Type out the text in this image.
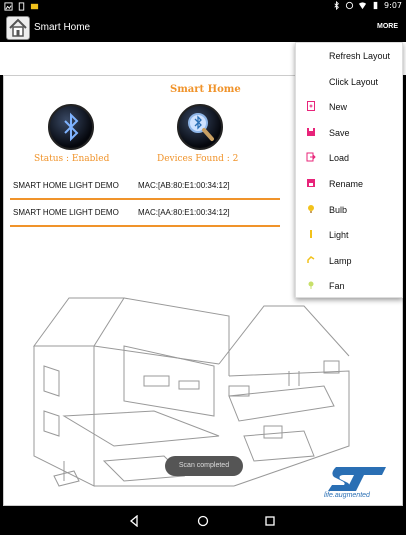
9:07
Smart Home	MORE
Smart Home
Status : Enabled	Devices Found : 2
SMART HOME LIGHT DEMO MAC:[AB:80:E1:00:34:12]
SMART HOME LIGHT DEMO MAC:[AA:80:E1:00:34:12]
Scan completed
life.augmented
Refresh Layout
Click Layout
New
Save
Load
Rename
Bulb
Light
Lamp
Fan
